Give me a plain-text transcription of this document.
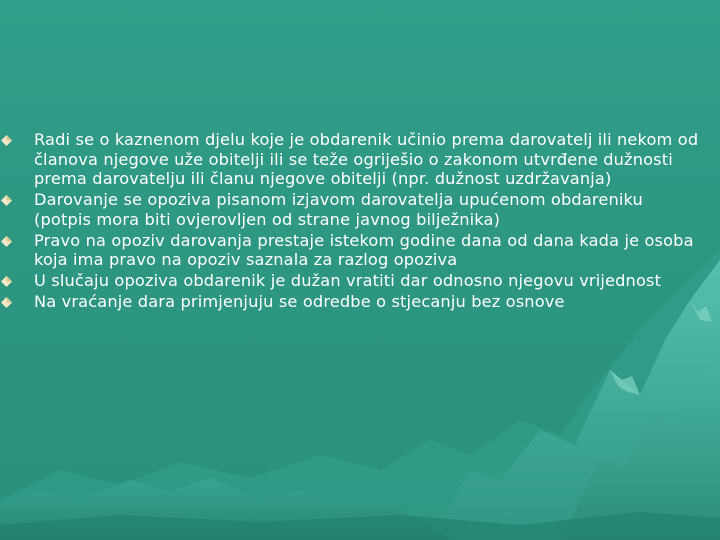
Radi se o kaznenom djelu koje je obdarenik učinio prema darovatelj ili nekom od članova njegove uže obitelji ili se teže ogriješio o zakonom utvrđene dužnosti prema darovatelju ili članu njegove obitelji (npr. dužnost uzdržavanja)
Darovanje se opoziva pisanom izjavom darovatelja upućenom obdareniku (potpis mora biti ovjerovljen od strane javnog bilježnika)
Pravo na opoziv darovanja prestaje istekom godine dana od dana kada je osoba koja ima pravo na opoziv saznala za razlog opoziva
U slučaju opoziva obdarenik je dužan vratiti dar odnosno njegovu vrijednost
Na vraćanje dara primjenjuju se odredbe o stjecanju bez osnove
